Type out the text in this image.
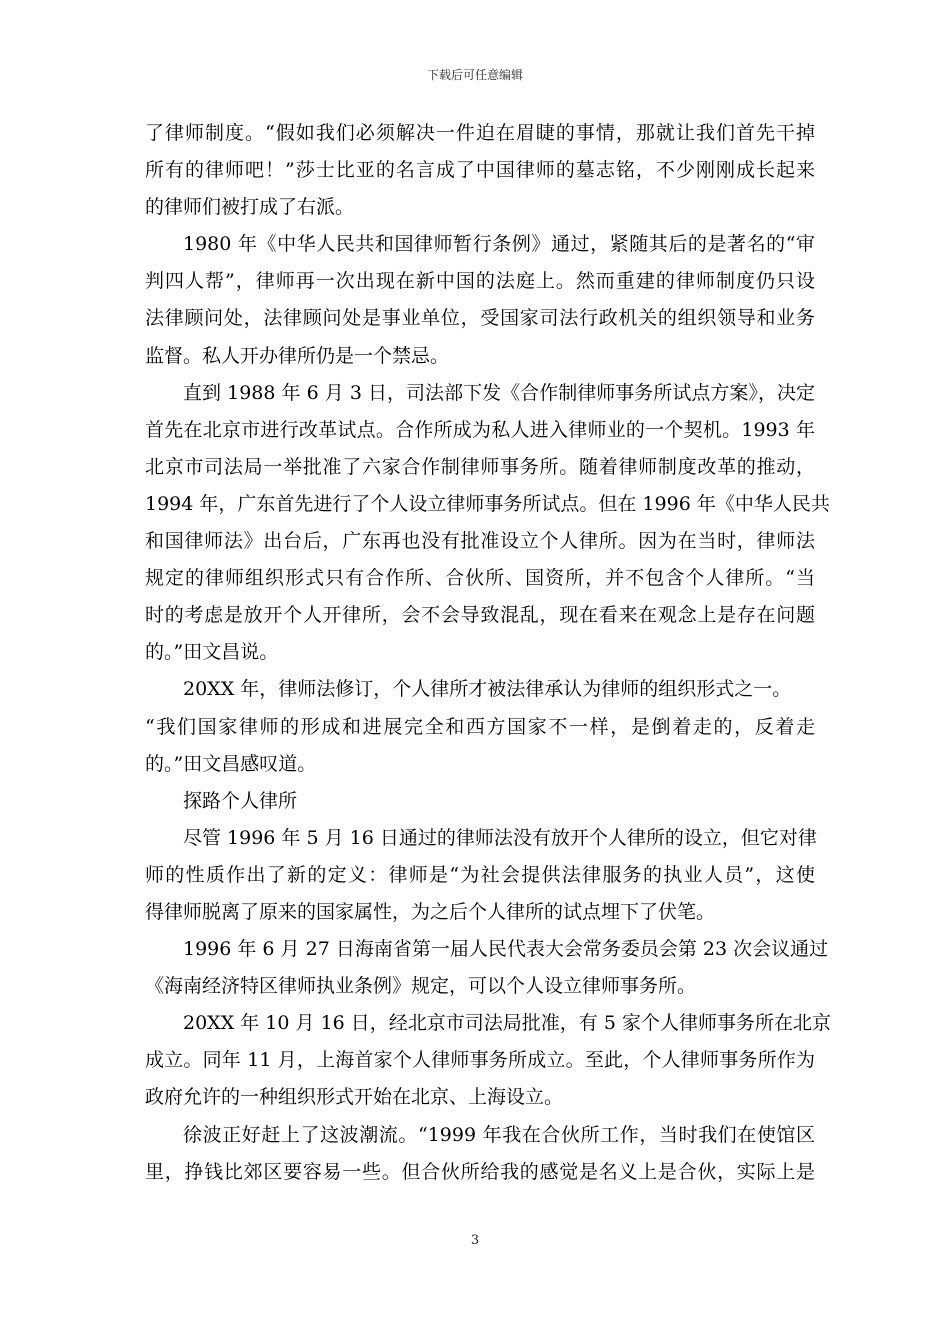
下载后可任意编辑
了律师制度。“假如我们必须解决一件迫在眉睫的事情，那就让我们首先干掉
所有的律师吧！”莎士比亚的名言成了中国律师的墓志铭，不少刚刚成长起来
的律师们被打成了右派。
1980 年《中华人民共和国律师暂行条例》通过，紧随其后的是著名的“审
判四人帮”，律师再一次出现在新中国的法庭上。然而重建的律师制度仍只设
法律顾问处，法律顾问处是事业单位，受国家司法行政机关的组织领导和业务
监督。私人开办律所仍是一个禁忌。
直到 1988 年 6 月 3 日，司法部下发《合作制律师事务所试点方案》，决定
首先在北京市进行改革试点。合作所成为私人进入律师业的一个契机。1993 年
北京市司法局一举批准了六家合作制律师事务所。随着律师制度改革的推动，
1994 年，广东首先进行了个人设立律师事务所试点。但在 1996 年《中华人民共
和国律师法》出台后，广东再也没有批准设立个人律所。因为在当时，律师法
规定的律师组织形式只有合作所、合伙所、国资所，并不包含个人律所。“当
时的考虑是放开个人开律所，会不会导致混乱，现在看来在观念上是存在问题
的。”田文昌说。
20XX 年，律师法修订，个人律所才被法律承认为律师的组织形式之一。
“我们国家律师的形成和进展完全和西方国家不一样，是倒着走的，反着走
的。”田文昌感叹道。
探路个人律所
尽管 1996 年 5 月 16 日通过的律师法没有放开个人律所的设立，但它对律
师的性质作出了新的定义：律师是“为社会提供法律服务的执业人员”，这使
得律师脱离了原来的国家属性，为之后个人律所的试点埋下了伏笔。
1996 年 6 月 27 日海南省第一届人民代表大会常务委员会第 23 次会议通过
《海南经济特区律师执业条例》规定，可以个人设立律师事务所。
20XX 年 10 月 16 日，经北京市司法局批准，有 5 家个人律师事务所在北京
成立。同年 11 月，上海首家个人律师事务所成立。至此，个人律师事务所作为
政府允许的一种组织形式开始在北京、上海设立。
徐波正好赶上了这波潮流。“1999 年我在合伙所工作，当时我们在使馆区
里，挣钱比郊区要容易一些。但合伙所给我的感觉是名义上是合伙，实际上是
3
